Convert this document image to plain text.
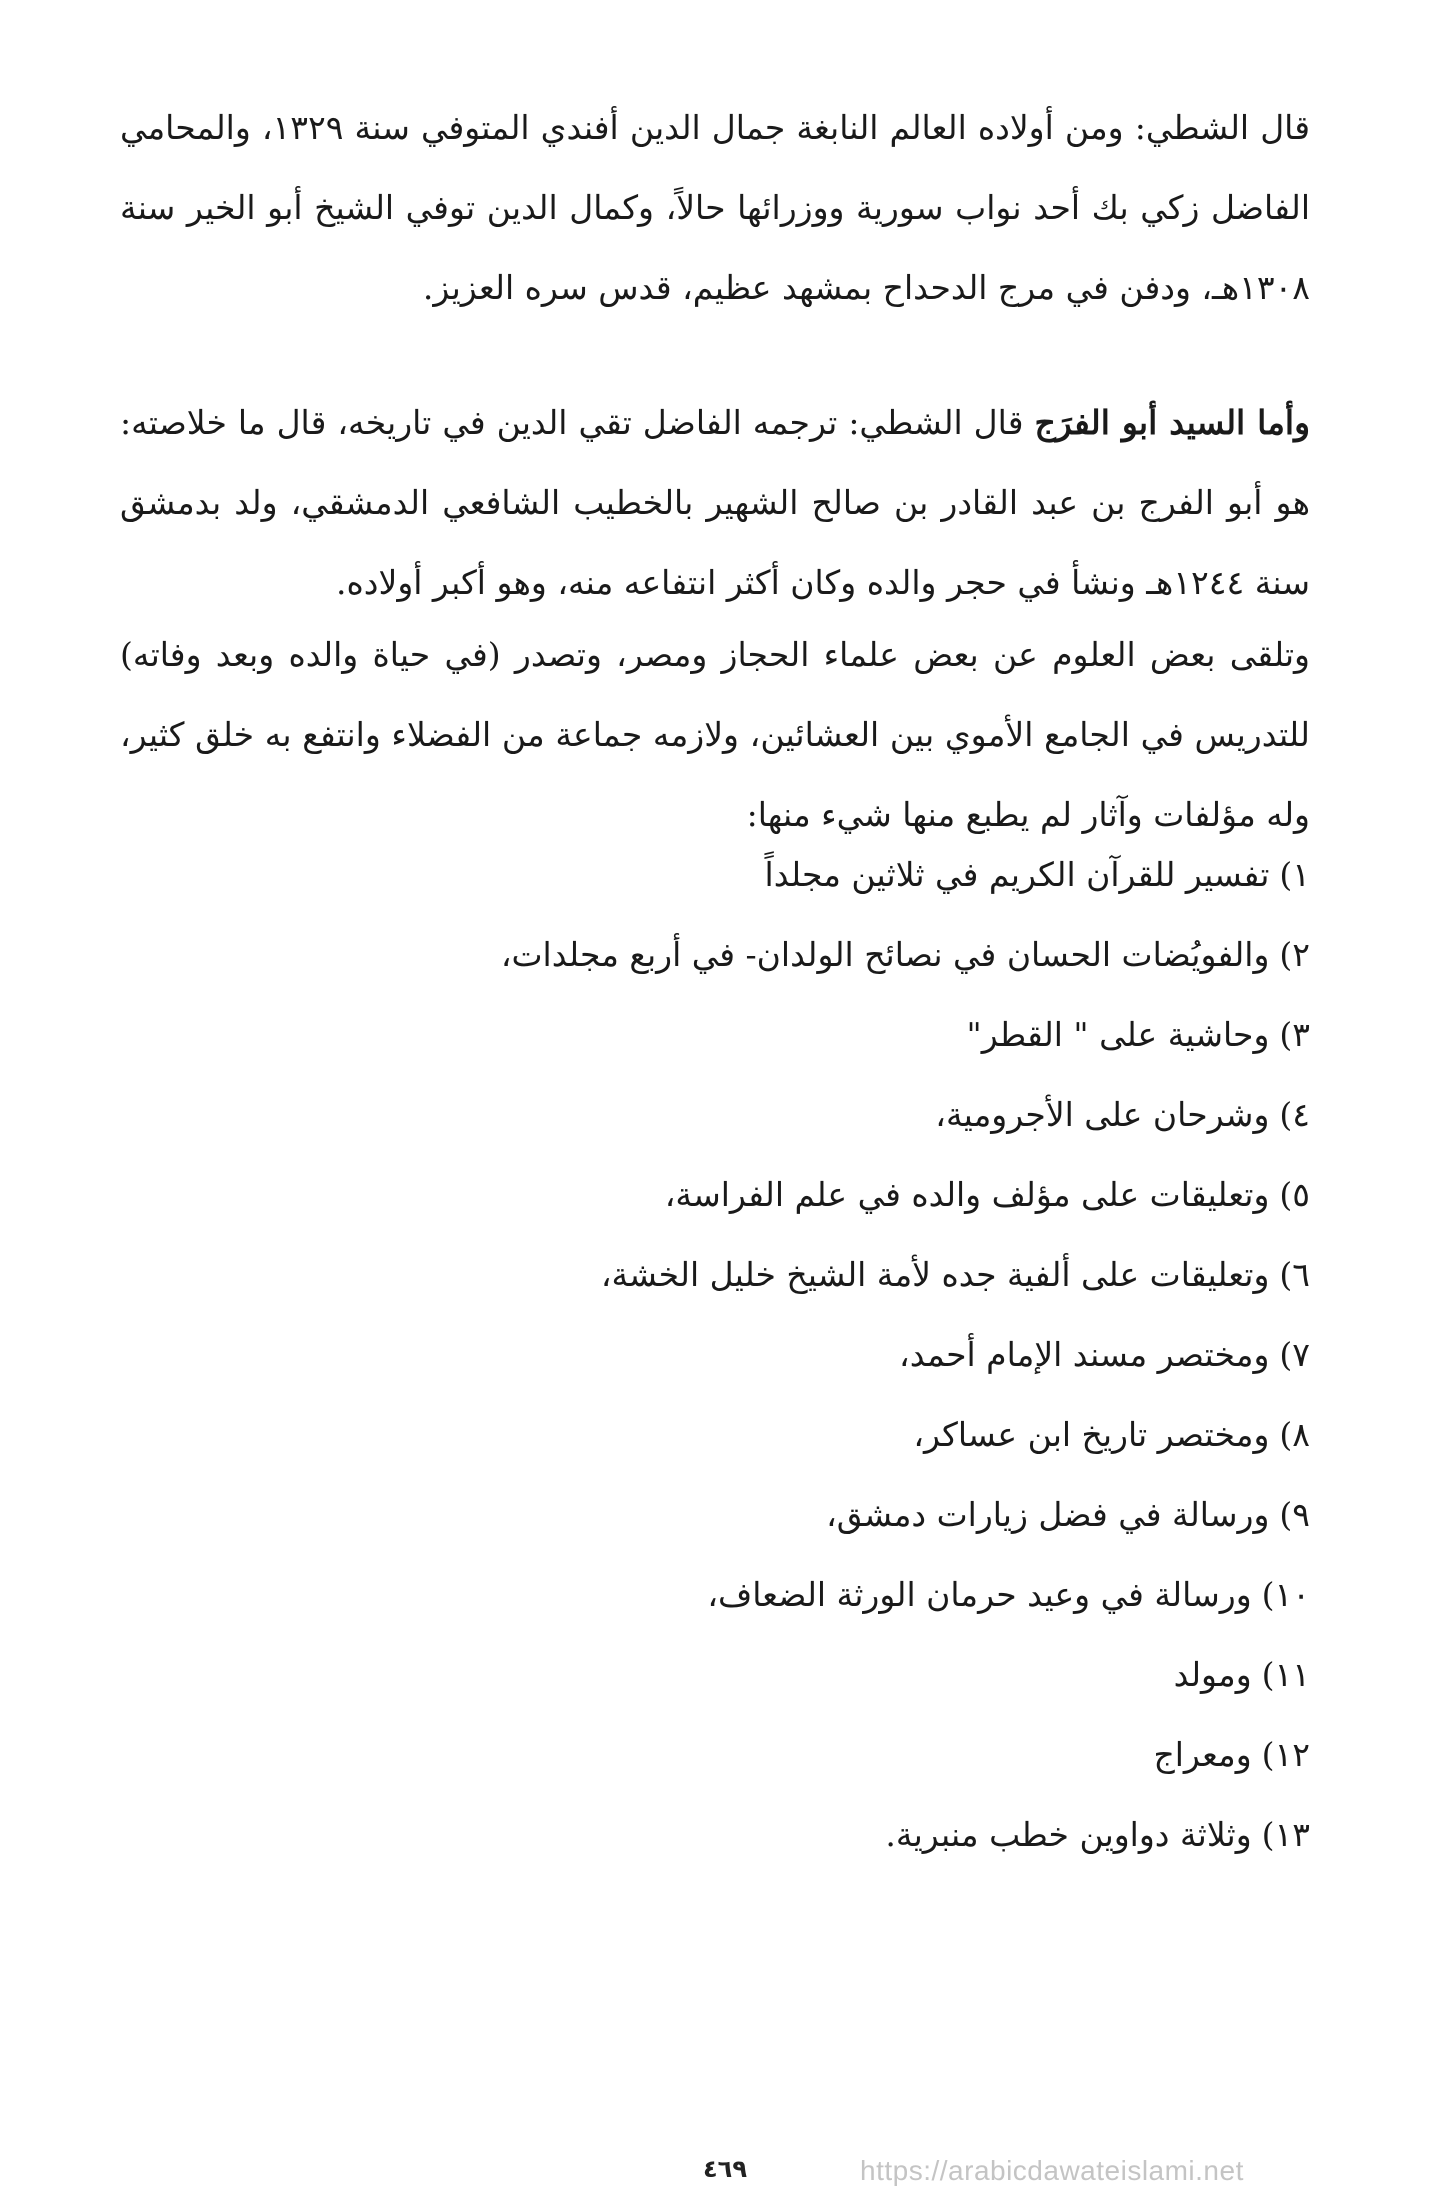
قال الشطي: ومن أولاده العالم النابغة جمال الدين أفندي المتوفي سنة ١٣٢٩، والمحامي الفاضل زكي بك أحد نواب سورية ووزرائها حالاً، وكمال الدين توفي الشيخ أبو الخير سنة ١٣٠٨هـ، ودفن في مرج الدحداح بمشهد عظيم، قدس سره العزيز.

وأما السيد أبو الفرَج قال الشطي: ترجمه الفاضل تقي الدين في تاريخه، قال ما خلاصته: هو أبو الفرج بن عبد القادر بن صالح الشهير بالخطيب الشافعي الدمشقي، ولد بدمشق سنة ١٢٤٤هـ ونشأ في حجر والده وكان أكثر انتفاعه منه، وهو أكبر أولاده.

وتلقى بعض العلوم عن بعض علماء الحجاز ومصر، وتصدر (في حياة والده وبعد وفاته) للتدريس في الجامع الأموي بين العشائين، ولازمه جماعة من الفضلاء وانتفع به خلق كثير، وله مؤلفات وآثار لم يطبع منها شيء منها:

١)تفسير للقرآن الكريم في ثلاثين مجلداً
٢)والفويُضات الحسان في نصائح الولدان- في أربع مجلدات،
٣)وحاشية على " القطر"
٤)وشرحان على الأجرومية،
٥)وتعليقات على مؤلف والده في علم الفراسة،
٦)وتعليقات على ألفية جده لأمة الشيخ خليل الخشة،
٧)ومختصر مسند الإمام أحمد،
٨)ومختصر تاريخ ابن عساكر،
٩)ورسالة في فضل زيارات دمشق،
١٠)ورسالة في وعيد حرمان الورثة الضعاف،
١١)ومولد
١٢)ومعراج
١٣)وثلاثة دواوين خطب منبرية.
٤٦٩	https://arabicdawateislami.net
